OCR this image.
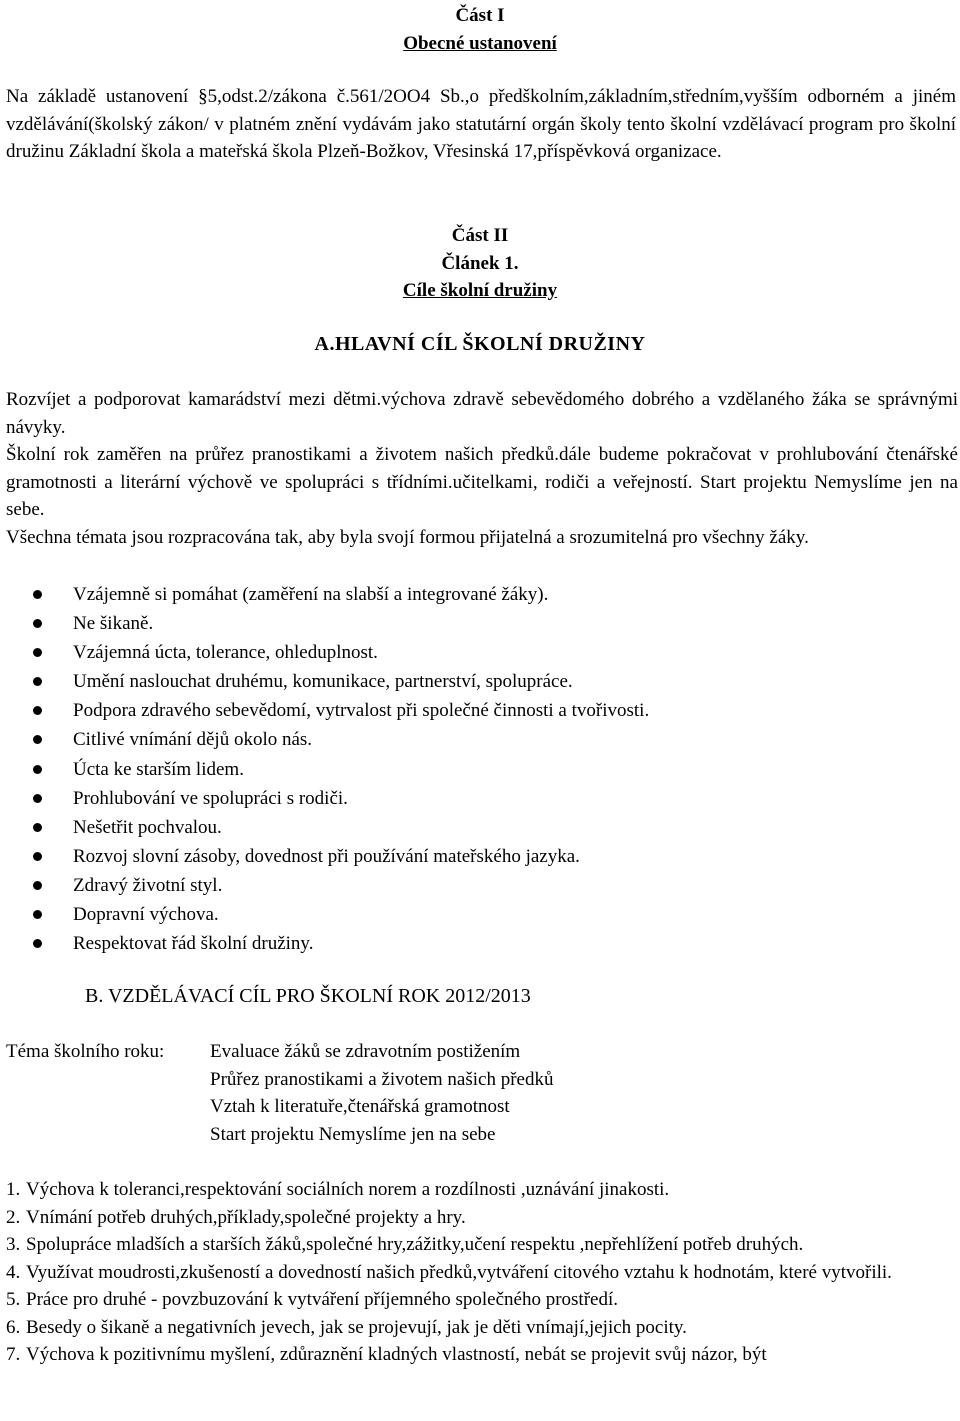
Část I
Obecné ustanovení
Na základě ustanovení §5,odst.2/zákona č.561/2OO4 Sb.,o předškolním,základním,středním,vyšším odborném a jiném vzdělávání(školský zákon/ v platném znění vydávám jako statutární orgán školy tento školní vzdělávací program pro školní družinu Základní škola a mateřská škola Plzeň-Božkov, Vřesinská 17,příspěvková organizace.
Část II
Článek 1.
Cíle školní družiny
A.HLAVNÍ CÍL ŠKOLNÍ DRUŽINY

Rozvíjet a podporovat kamarádství mezi dětmi.výchova zdravě sebevědomého dobrého a vzdělaného žáka se správnými návyky.

Školní rok zaměřen na průřez pranostikami a životem našich předků.dále budeme pokračovat v prohlubování čtenářské gramotnosti a literární výchově ve spolupráci s třídními.učitelkami, rodiči a veřejností. Start projektu Nemyslíme jen na sebe.

Všechna témata jsou rozpracována tak, aby byla svojí formou přijatelná a srozumitelná pro všechny žáky.

Vzájemně si pomáhat (zaměření na slabší a integrované žáky).
Ne šikaně.
Vzájemná úcta, tolerance, ohleduplnost.
Umění naslouchat druhému, komunikace, partnerství, spolupráce.
Podpora zdravého sebevědomí, vytrvalost při společné činnosti a tvořivosti.
Citlivé vnímání dějů okolo nás.
Úcta ke starším lidem.
Prohlubování ve spolupráci s rodiči.
Nešetřit pochvalou.
Rozvoj slovní zásoby, dovednost při používání mateřského jazyka.
Zdravý životní styl.
Dopravní výchova.
Respektovat řád školní družiny.
B. VZDĚLÁVACÍ CÍL PRO ŠKOLNÍ ROK 2012/2013
Téma školního roku: Evaluace žáků se zdravotním postižením
Průřez pranostikami a životem našich předků
Vztah k literatuře,čtenářská gramotnost
Start projektu Nemyslíme jen na sebe
1. Výchova k toleranci,respektování sociálních norem a rozdílnosti ,uznávání jinakosti.
2. Vnímání potřeb druhých,příklady,společné projekty a hry.
3. Spolupráce mladších a starších žáků,společné hry,zážitky,učení respektu ,nepřehlížení potřeb druhých.
4. Využívat moudrosti,zkušeností a dovedností našich předků,vytváření citového vztahu k hodnotám, které vytvořili.
5. Práce pro druhé - povzbuzování k vytváření příjemného společného prostředí.
6. Besedy o šikaně a negativních jevech, jak se projevují, jak je děti vnímají,jejich pocity.
7. Výchova k pozitivnímu myšlení, zdůraznění kladných vlastností, nebát se projevit svůj názor, být
